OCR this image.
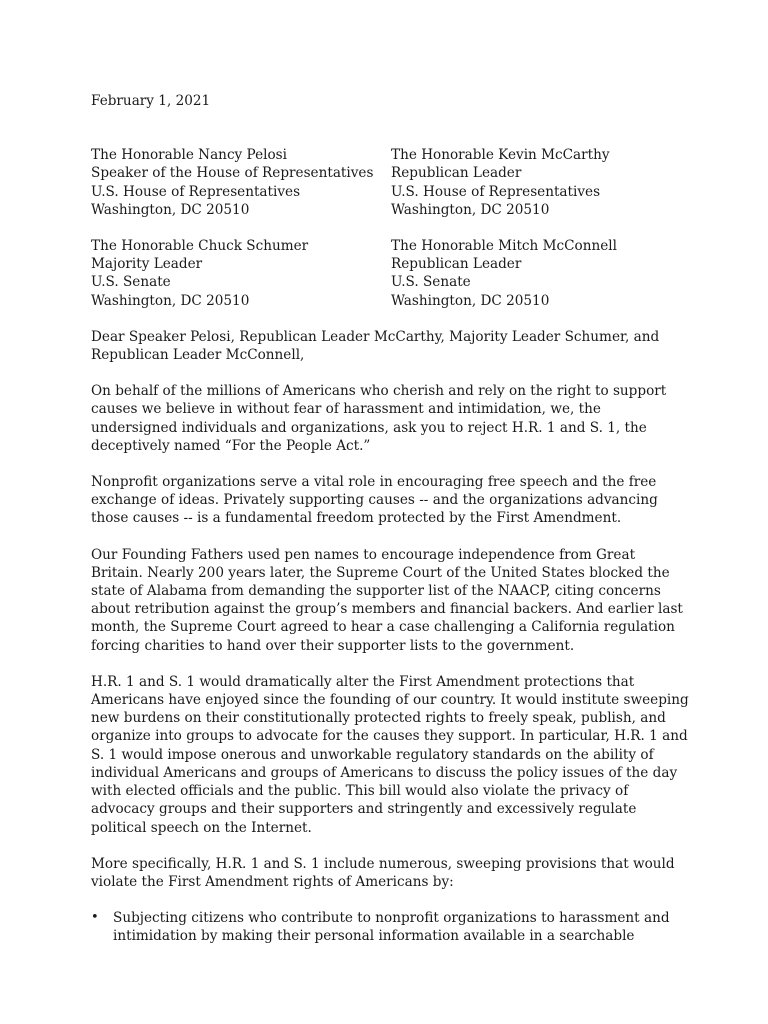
February 1, 2021

The Honorable Nancy Pelosi
Speaker of the House of Representatives
U.S. House of Representatives
Washington, DC 20510
The Honorable Kevin McCarthy
Republican Leader
U.S. House of Representatives
Washington, DC 20510
The Honorable Chuck Schumer
Majority Leader
U.S. Senate
Washington, DC 20510
The Honorable Mitch McConnell
Republican Leader
U.S. Senate
Washington, DC 20510

Dear Speaker Pelosi, Republican Leader McCarthy, Majority Leader Schumer, and Republican Leader McConnell,

On behalf of the millions of Americans who cherish and rely on the right to support causes we believe in without fear of harassment and intimidation, we, the undersigned individuals and organizations, ask you to reject H.R. 1 and S. 1, the deceptively named “For the People Act.”

Nonprofit organizations serve a vital role in encouraging free speech and the free exchange of ideas. Privately supporting causes -- and the organizations advancing those causes -- is a fundamental freedom protected by the First Amendment.

Our Founding Fathers used pen names to encourage independence from Great Britain. Nearly 200 years later, the Supreme Court of the United States blocked the state of Alabama from demanding the supporter list of the NAACP, citing concerns about retribution against the group’s members and financial backers. And earlier last month, the Supreme Court agreed to hear a case challenging a California regulation forcing charities to hand over their supporter lists to the government.

H.R. 1 and S. 1 would dramatically alter the First Amendment protections that Americans have enjoyed since the founding of our country. It would institute sweeping new burdens on their constitutionally protected rights to freely speak, publish, and organize into groups to advocate for the causes they support. In particular, H.R. 1 and S. 1 would impose onerous and unworkable regulatory standards on the ability of individual Americans and groups of Americans to discuss the policy issues of the day with elected officials and the public. This bill would also violate the privacy of advocacy groups and their supporters and stringently and excessively regulate political speech on the Internet.

More specifically, H.R. 1 and S. 1 include numerous, sweeping provisions that would violate the First Amendment rights of Americans by:

•	Subjecting citizens who contribute to nonprofit organizations to harassment and intimidation by making their personal information available in a searchable
